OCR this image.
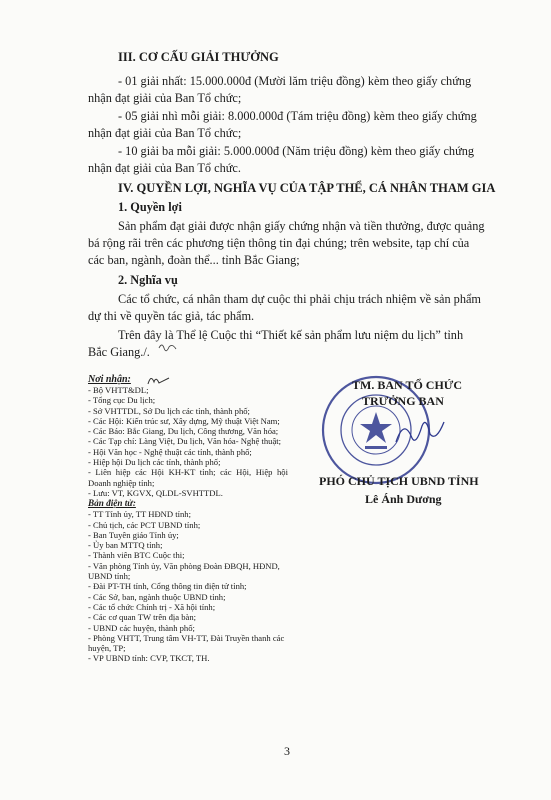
III. CƠ CẤU GIẢI THƯỞNG

- 01 giải nhất: 15.000.000đ (Mười lăm triệu đồng) kèm theo giấy chứng
nhận đạt giải của Ban Tổ chức;

- 05 giải nhì mỗi giải: 8.000.000đ (Tám triệu đồng) kèm theo giấy chứng
nhận đạt giải của Ban Tổ chức;

- 10 giải ba mỗi giải: 5.000.000đ (Năm triệu đồng) kèm theo giấy chứng
nhận đạt giải của Ban Tổ chức.

IV. QUYỀN LỢI, NGHĨA VỤ CỦA TẬP THỂ, CÁ NHÂN THAM GIA

1. Quyền lợi

Sản phẩm đạt giải được nhận giấy chứng nhận và tiền thưởng, được quảng
bá rộng rãi trên các phương tiện thông tin đại chúng; trên website, tạp chí của
các ban, ngành, đoàn thể... tỉnh Bắc Giang;

2. Nghĩa vụ

Các tổ chức, cá nhân tham dự cuộc thi phải chịu trách nhiệm về sản phẩm
dự thi về quyền tác giả, tác phẩm.

Trên đây là Thể lệ Cuộc thi “Thiết kế sản phẩm lưu niệm du lịch” tỉnh
Bắc Giang./.

Nơi nhận:

- Bộ VHTT&DL;

- Tổng cục Du lịch;

- Sở VHTTDL, Sở Du lịch các tỉnh, thành phố;

- Các Hội: Kiến trúc sư, Xây dựng, Mỹ thuật Việt Nam;

- Các Báo: Bắc Giang, Du lịch, Công thương, Văn hóa;

- Các Tạp chí: Làng Việt, Du lịch, Văn hóa- Nghệ thuật;

- Hội Văn học - Nghệ thuật các tỉnh, thành phố;

- Hiệp hội Du lịch các tỉnh, thành phố;

- Liên hiệp các Hội KH-KT tỉnh; các Hội, Hiệp hội Doanh nghiệp tỉnh;

- Lưu: VT, KGVX, QLDL-SVHTTDL.

Bản điện tử:

- TT Tỉnh ủy, TT HĐND tỉnh;

- Chủ tịch, các PCT UBND tỉnh;

- Ban Tuyên giáo Tỉnh ủy;

- Ủy ban MTTQ tỉnh;

- Thành viên BTC Cuộc thi;

- Văn phòng Tỉnh ủy, Văn phòng Đoàn ĐBQH, HĐND, UBND tỉnh;

- Đài PT-TH tỉnh, Cổng thông tin điện tử tỉnh;

- Các Sở, ban, ngành thuộc UBND tỉnh;

- Các tổ chức Chính trị - Xã hội tỉnh;

- Các cơ quan TW trên địa bàn;

- UBND các huyện, thành phố;

- Phòng VHTT, Trung tâm VH-TT, Đài Truyền thanh các huyện, TP;

- VP UBND tỉnh: CVP, TKCT, TH.

TM. BAN TỔ CHỨC

TRƯỞNG BAN

PHÓ CHỦ TỊCH UBND TỈNH

Lê Ánh Dương

3
